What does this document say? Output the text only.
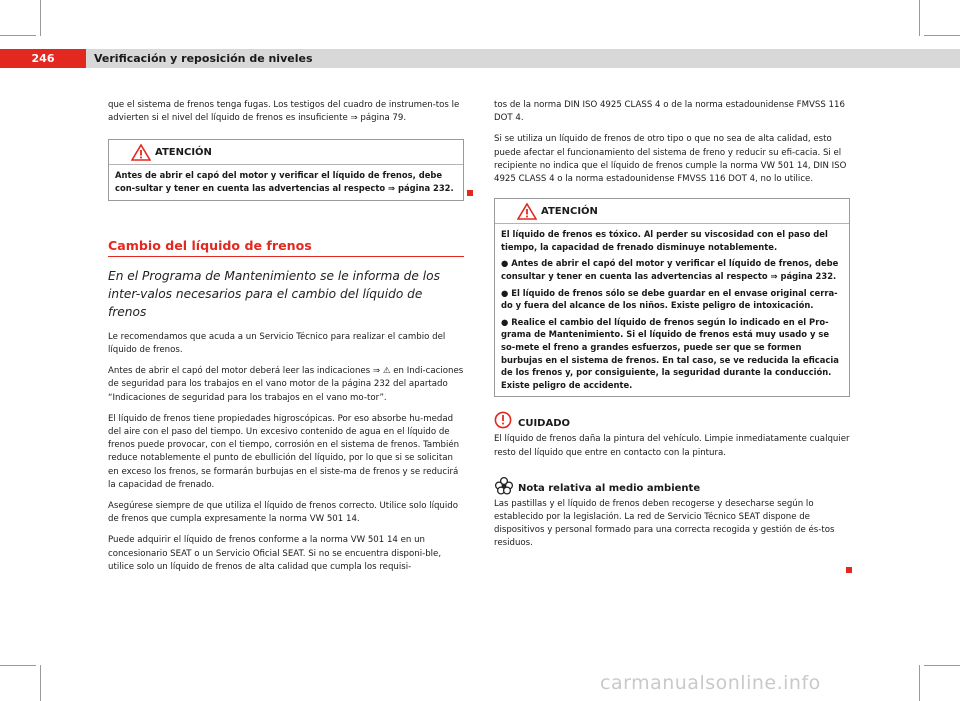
246	Verificación y reposición de niveles

que el sistema de frenos tenga fugas. Los testigos del cuadro de instrumen-tos le advierten si el nivel del líquido de frenos es insuficiente ⇒ página 79.

ATENCIÓN
Antes de abrir el capó del motor y verificar el líquido de frenos, debe con-sultar y tener en cuenta las advertencias al respecto ⇒ página 232.
Cambio del líquido de frenos
En el Programa de Mantenimiento se le informa de los inter-valos necesarios para el cambio del líquido de frenos

Le recomendamos que acuda a un Servicio Técnico para realizar el cambio del líquido de frenos.

Antes de abrir el capó del motor deberá leer las indicaciones ⇒ ⚠ en Indi-caciones de seguridad para los trabajos en el vano motor de la página 232 del apartado “Indicaciones de seguridad para los trabajos en el vano mo-tor”.

El líquido de frenos tiene propiedades higroscópicas. Por eso absorbe hu-medad del aire con el paso del tiempo. Un excesivo contenido de agua en el líquido de frenos puede provocar, con el tiempo, corrosión en el sistema de frenos. También reduce notablemente el punto de ebullición del líquido, por lo que si se solicitan en exceso los frenos, se formarán burbujas en el siste-ma de frenos y se reducirá la capacidad de frenado.

Asegúrese siempre de que utiliza el líquido de frenos correcto. Utilice solo líquido de frenos que cumpla expresamente la norma VW 501 14.

Puede adquirir el líquido de frenos conforme a la norma VW 501 14 en un concesionario SEAT o un Servicio Oficial SEAT. Si no se encuentra disponi-ble, utilice solo un líquido de frenos de alta calidad que cumpla los requisi-

tos de la norma DIN ISO 4925 CLASS 4 o de la norma estadounidense FMVSS 116 DOT 4.

Si se utiliza un líquido de frenos de otro tipo o que no sea de alta calidad, esto puede afectar el funcionamiento del sistema de freno y reducir su efi-cacia. Si el recipiente no indica que el líquido de frenos cumple la norma VW 501 14, DIN ISO 4925 CLASS 4 o la norma estadounidense FMVSS 116 DOT 4, no lo utilice.

ATENCIÓN
El líquido de frenos es tóxico. Al perder su viscosidad con el paso del tiempo, la capacidad de frenado disminuye notablemente.
● Antes de abrir el capó del motor y verificar el líquido de frenos, debe consultar y tener en cuenta las advertencias al respecto ⇒ página 232.
● El líquido de frenos sólo se debe guardar en el envase original cerra-do y fuera del alcance de los niños. Existe peligro de intoxicación.
● Realice el cambio del líquido de frenos según lo indicado en el Pro-grama de Mantenimiento. Si el líquido de frenos está muy usado y se so-mete el freno a grandes esfuerzos, puede ser que se formen burbujas en el sistema de frenos. En tal caso, se ve reducida la eficacia de los frenos y, por consiguiente, la seguridad durante la conducción. Existe peligro de accidente.
CUIDADO

El líquido de frenos daña la pintura del vehículo. Limpie inmediatamente cualquier resto del líquido que entre en contacto con la pintura.

Nota relativa al medio ambiente

Las pastillas y el líquido de frenos deben recogerse y desecharse según lo establecido por la legislación. La red de Servicio Técnico SEAT dispone de dispositivos y personal formado para una correcta recogida y gestión de és-tos residuos.

carmanualsonline.info
